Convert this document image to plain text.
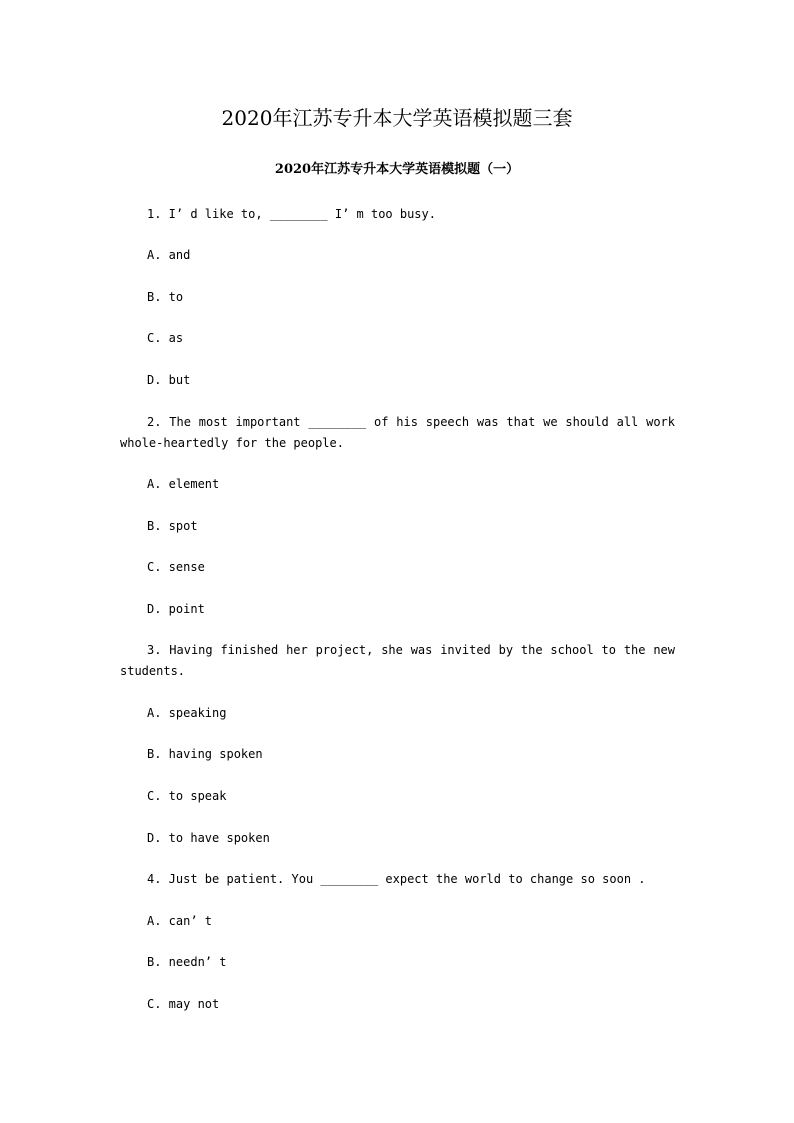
2020年江苏专升本大学英语模拟题三套
2020年江苏专升本大学英语模拟题（一）

1. I’ d like to, ________ I’ m too busy.

A. and

B. to

C. as

D. but

2. The most important ________ of his speech was that we should all work whole-heartedly for the people.

A. element

B. spot

C. sense

D. point

3. Having finished her project, she was invited by the school to the new students.

A. speaking

B. having spoken

C. to speak

D. to have spoken

4. Just be patient. You ________ expect the world to change so soon .

A. can’ t

B. needn’ t

C. may not
